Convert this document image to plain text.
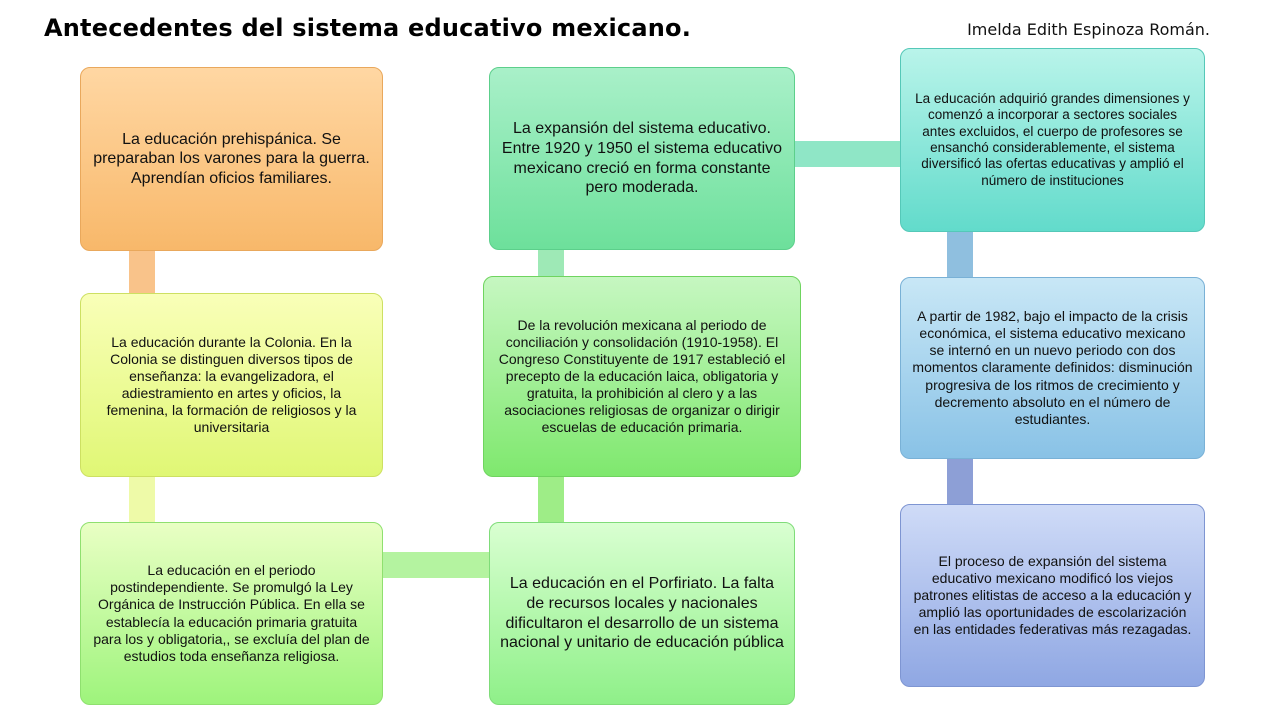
Antecedentes del sistema educativo mexicano.	Imelda Edith Espinoza Román.
La educación prehispánica. Se preparaban los varones para la guerra. Aprendían oficios familiares.
La educación durante la Colonia. En la Colonia se distinguen diversos tipos de enseñanza: la evangelizadora, el adiestramiento en artes y oficios, la femenina, la formación de religiosos y la universitaria
La educación en el periodo postindependiente. Se promulgó la Ley Orgánica de Instrucción Pública. En ella se establecía la educación primaria gratuita para los y obligatoria,, se excluía del plan de estudios toda enseñanza religiosa.
La expansión del sistema educativo. Entre 1920 y 1950 el sistema educativo mexicano creció en forma constante pero moderada.
De la revolución mexicana al periodo de conciliación y consolidación (1910-1958). El Congreso Constituyente de 1917 estableció el precepto de la educación laica, obligatoria y gratuita, la prohibición al clero y a las asociaciones religiosas de organizar o dirigir escuelas de educación primaria.
La educación en el Porfiriato. La falta de recursos locales y nacionales dificultaron el desarrollo de un sistema nacional y unitario de educación pública
La educación adquirió grandes dimensiones y comenzó a incorporar a sectores sociales antes excluidos, el cuerpo de profesores se ensanchó considerablemente, el sistema diversificó las ofertas educativas y amplió el número de instituciones
A partir de 1982, bajo el impacto de la crisis económica, el sistema educativo mexicano se internó en un nuevo periodo con dos momentos claramente definidos: disminución progresiva de los ritmos de crecimiento y decremento absoluto en el número de estudiantes.
El proceso de expansión del sistema educativo mexicano modificó los viejos patrones elitistas de acceso a la educación y amplió las oportunidades de escolarización en las entidades federativas más rezagadas.
